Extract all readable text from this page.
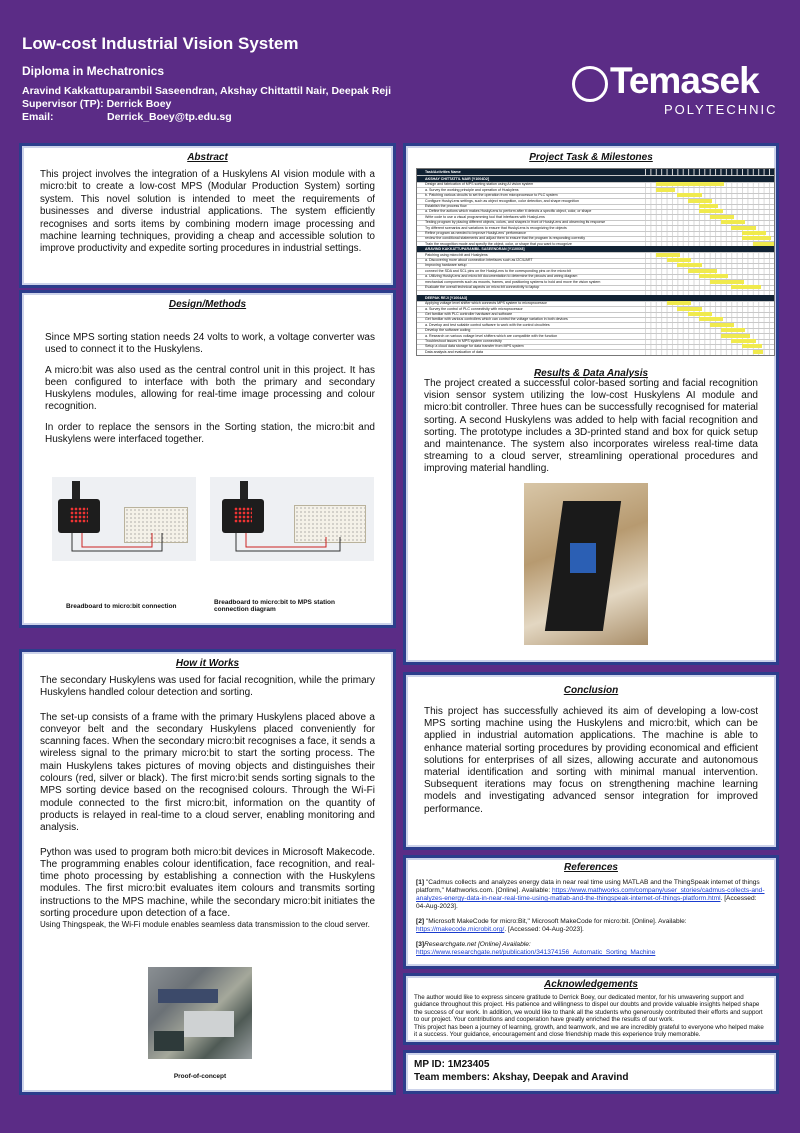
Low-cost Industrial Vision System
Diploma in Mechatronics
Aravind Kakkattuparambil Saseendran, Akshay Chittattil Nair, Deepak Reji
Supervisor (TP): Derrick Boey
Email:	Derrick_Boey@tp.edu.sg
Temasek
POLYTECHNIC
Abstract

This project involves the integration of a Huskylens AI vision module with a micro:bit to create a low-cost MPS (Modular Production System) sorting system. This novel solution is intended to meet the requirements of businesses and diverse industrial applications. The system efficiently recognises and sorts items by combining modern image processing and machine learning techniques, providing a cheap and accessible solution to improve productivity and expedite sorting procedures in industrial settings.

Design/Methods

Since MPS sorting station needs 24 volts to work, a voltage converter was used to connect it to the Huskylens.

A micro:bit was also used as the central control unit in this project. It has been configured to interface with both the primary and secondary Huskylens modules, allowing for real-time image processing and colour recognition.

In order to replace the sensors in the Sorting station, the micro:bit and Huskylens were interfaced together.

Breadboard to micro:bit connection
Breadboard to micro:bit to MPS station connection diagram
How it Works

The secondary Huskylens was used for facial recognition, while the primary Huskylens handled colour detection and sorting.

The set-up consists of a frame with the primary Huskylens placed above a conveyor belt and the secondary Huskylens placed conveniently for scanning faces. When the secondary micro:bit recognises a face, it sends a wireless signal to the primary micro:bit to start the sorting process. The main Huskylens takes pictures of moving objects and distinguishes their colours (red, silver or black). The first micro:bit sends sorting signals to the MPS sorting device based on the recognised colours. Through the Wi-Fi module connected to the first micro:bit, information on the quantity of products is relayed in real-time to a cloud server, enabling monitoring and analysis.

Python was used to program both micro:bit devices in Microsoft Makecode. The programming enables colour identification, face recognition, and real-time photo processing by establishing a connection with the Huskylens modules. The first micro:bit evaluates item colours and transmits sorting instructions to the MPS machine, while the secondary micro:bit initiates the sorting procedure upon detection of a face.

Using Thingspeak, the Wi-Fi module enables seamless data transmission to the cloud server.

Proof-of-concept
Project Task & Milestones
Results & Data Analysis

The project created a successful color-based sorting and facial recognition vision sensor system utilizing the low-cost Huskylens AI module and micro:bit controller. Three hues can be successfully recognised for material sorting. A second Huskylens was added to help with facial recognition and sorting. The prototype includes a 3D-printed stand and box for quick setup and maintenance. The system also incorporates wireless real-time data streaming to a cloud server, streamlining operational procedures and improving material handling.

Task/Activities Name
AKSHAY CHITTATTIL NAIR [Y1004D2]
Design and fabrication of MPS sorting station using AI vision system
a. Survey the working principle and operation of Huskylens
b. Patching various circuits to set the operation from microprocessor to PLC system
Configure HuskyLens settings, such as object recognition, color detection, and shape recognition
Establish the process flow
a. Define the actions which makes HuskyLens to perform after it detects a specific object, color, or shape
Write code to use a visual programming tool that interfaces with HuskyLens
Testing program by placing different objects, colors, and shapes in front of HuskyLens and observing its response
Try different scenarios and variations to ensure that HuskyLens is recognizing the objects
Refine program as needed to improve HuskyLens' performance
review the conditional statements and adjust them to ensure that the program is responding correctly
Train the recognition mode and specify the object, color, or shape that you want to recognize
ARAVIND KAKKATTUPARAMBIL SASEENDRAN [Y1100X8]
Patching using micro:bit and Huskylens
a. Discovering more about connection interfaces such as I2C/UART
Improving hardware setup
connect the SDA and SCL pins on the HuskyLens to the corresponding pins on the micro:bit
a. Utilizing HuskyLens and micro:bit documentation to determine the pinouts and wiring diagram
mechanical components such as mounts, frames, and positioning systems to hold and move the vision system
Evaluate the overall technical aspects on micro:bit connectivity to laptop
DEEPAK REJI [Y1004A3]
Applying voltage level shifter which connects MPS system to microprocessor
a. Survey the control of PLC connectivity with microprocessor
Get familiar with PLC controller hardware and software
Get familiar with various controllers which can control the voltage variation in both devices
a. Develop and test suitable control software to work with the control circuitries
Develop the software coding
a. Research on various voltage level shifters which are compatible with the function
Troubleshoot issues in MPS system connectivity
Setup a cloud data storage for data transfer from MPS system
Data analysis and evaluation of data
Conclusion

This project has successfully achieved its aim of developing a low-cost MPS sorting machine using the Huskylens and micro:bit, which can be applied in industrial automation applications. The machine is able to enhance material sorting procedures by providing economical and efficient solutions for enterprises of all sizes, allowing accurate and autonomous material identification and sorting with minimal manual intervention. Subsequent iterations may focus on strengthening machine learning models and investigating advanced sensor integration for improved performance.

References

[1] "Cadmus collects and analyzes energy data in near real time using MATLAB and the ThingSpeak internet of things platform," Mathworks.com. [Online]. Available: https://www.mathworks.com/company/user_stories/cadmus-collects-and-analyzes-energy-data-in-near-real-time-using-matlab-and-the-thingspeak-internet-of-things-platform.html. [Accessed: 04-Aug-2023].

[2] "Microsoft MakeCode for micro:Bit," Microsoft MakeCode for micro:bit. [Online]. Available: https://makecode.microbit.org/. [Accessed: 04-Aug-2023].

[3]Researchgate.net [Online] Available:
https://www.researchgate.net/publication/341374156_Automatic_Sorting_Machine

Acknowledgements

The author would like to express sincere gratitude to Derrick Boey, our dedicated mentor, for his unwavering support and guidance throughout this project. His patience and willingness to dispel our doubts and provide valuable insights helped shape the success of our work. In addition, we would like to thank all the students who generously contributed their efforts and support to our project. Your contributions and cooperation have greatly enriched the results of our work.

This project has been a journey of learning, growth, and teamwork, and we are incredibly grateful to everyone who helped make it a success. Your guidance, encouragement and close friendship made this experience truly memorable.

MP ID: 1M23405
Team members: Akshay, Deepak and Aravind
